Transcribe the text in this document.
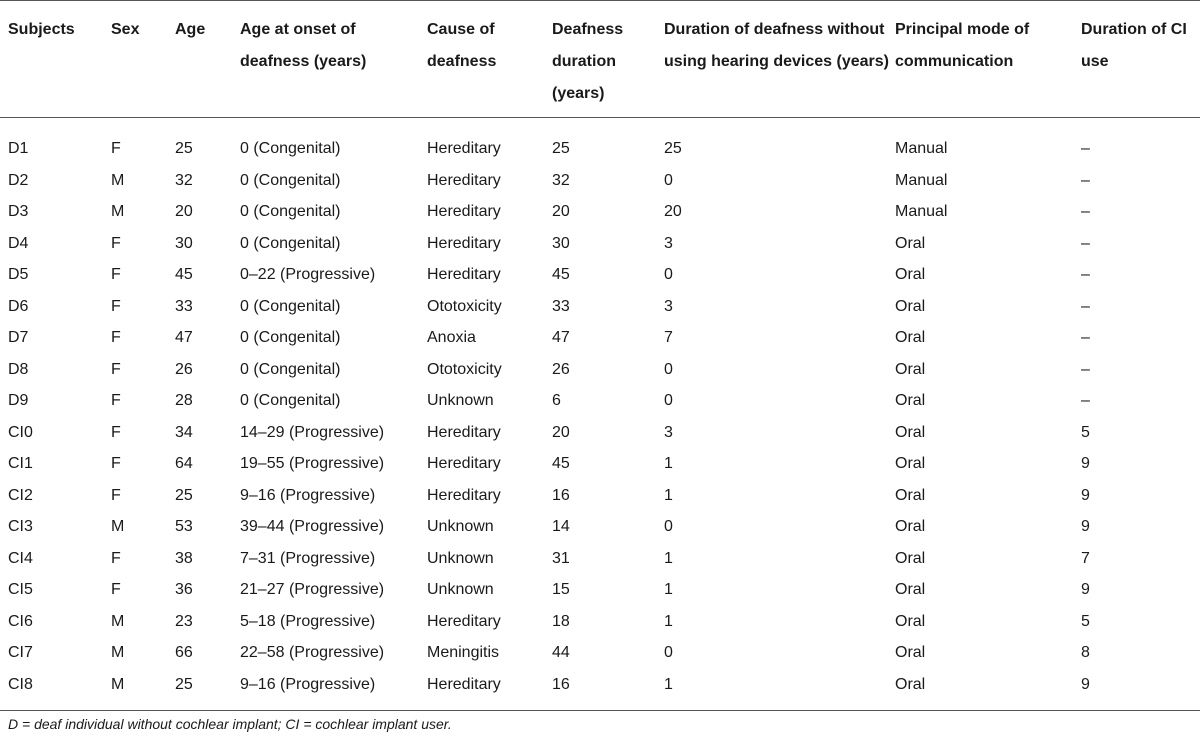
Subjects	Sex	Age	Age at onset of deafness (years)	Cause of deafness	Deafness duration (years)	Duration of deafness without using hearing devices (years)	Principal mode of communication	Duration of CI use
D1	F	25	0 (Congenital)	Hereditary	25	25	Manual	–
D2	M	32	0 (Congenital)	Hereditary	32	0	Manual	–
D3	M	20	0 (Congenital)	Hereditary	20	20	Manual	–
D4	F	30	0 (Congenital)	Hereditary	30	3	Oral	–
D5	F	45	0–22 (Progressive)	Hereditary	45	0	Oral	–
D6	F	33	0 (Congenital)	Ototoxicity	33	3	Oral	–
D7	F	47	0 (Congenital)	Anoxia	47	7	Oral	–
D8	F	26	0 (Congenital)	Ototoxicity	26	0	Oral	–
D9	F	28	0 (Congenital)	Unknown	6	0	Oral	–
CI0	F	34	14–29 (Progressive)	Hereditary	20	3	Oral	5
CI1	F	64	19–55 (Progressive)	Hereditary	45	1	Oral	9
CI2	F	25	9–16 (Progressive)	Hereditary	16	1	Oral	9
CI3	M	53	39–44 (Progressive)	Unknown	14	0	Oral	9
CI4	F	38	7–31 (Progressive)	Unknown	31	1	Oral	7
CI5	F	36	21–27 (Progressive)	Unknown	15	1	Oral	9
CI6	M	23	5–18 (Progressive)	Hereditary	18	1	Oral	5
CI7	M	66	22–58 (Progressive)	Meningitis	44	0	Oral	8
CI8	M	25	9–16 (Progressive)	Hereditary	16	1	Oral	9

D = deaf individual without cochlear implant; CI = cochlear implant user.
